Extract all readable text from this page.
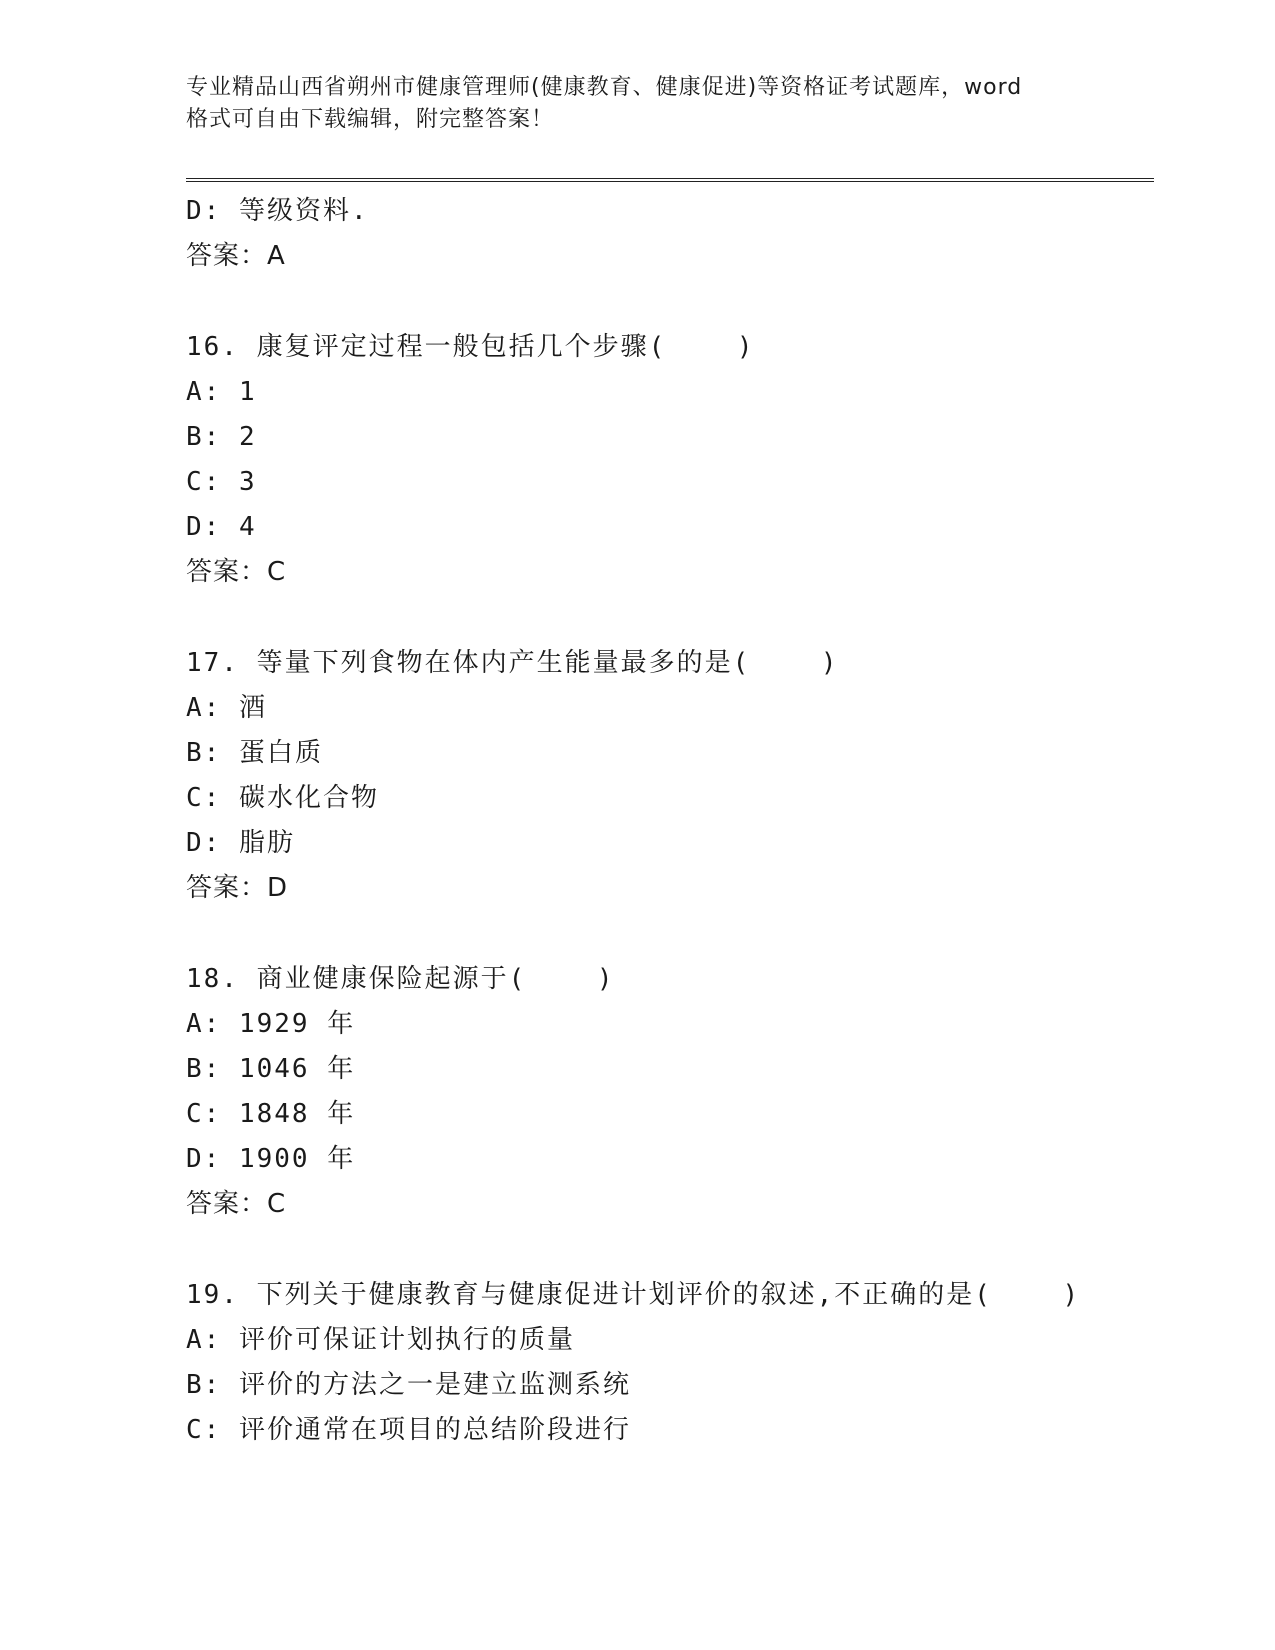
专业精品山西省朔州市健康管理师(健康教育、健康促进)等资格证考试题库，word
格式可自由下载编辑，附完整答案！
D: 等级资料.
答案：A
16. 康复评定过程一般包括几个步骤(    )
A: 1
B: 2
C: 3
D: 4
答案：C
17. 等量下列食物在体内产生能量最多的是(    )
A: 酒
B: 蛋白质
C: 碳水化合物
D: 脂肪
答案：D
18. 商业健康保险起源于(    )
A: 1929 年
B: 1046 年
C: 1848 年
D: 1900 年
答案：C
19. 下列关于健康教育与健康促进计划评价的叙述,不正确的是(    )
A: 评价可保证计划执行的质量
B: 评价的方法之一是建立监测系统
C: 评价通常在项目的总结阶段进行
